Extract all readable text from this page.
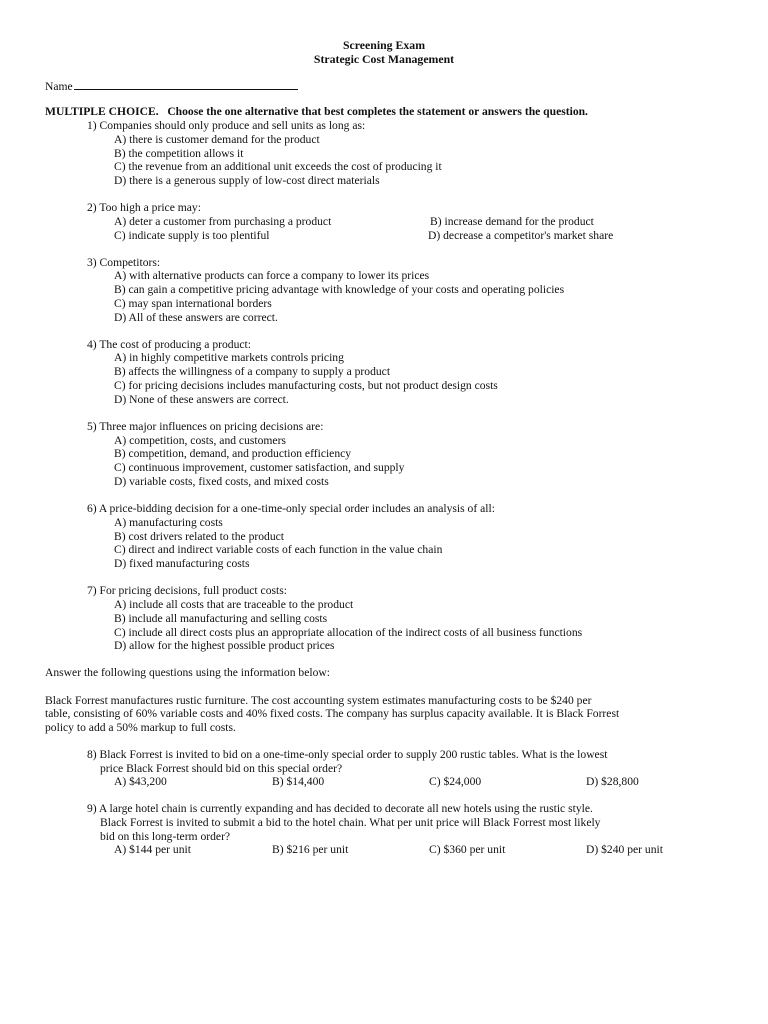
Screening Exam
Strategic Cost Management
Name
MULTIPLE CHOICE. Choose the one alternative that best completes the statement or answers the question.
1) Companies should only produce and sell units as long as:
A) there is customer demand for the product
B) the competition allows it
C) the revenue from an additional unit exceeds the cost of producing it
D) there is a generous supply of low-cost direct materials
2) Too high a price may:
A) deter a customer from purchasing a product	B) increase demand for the product
C) indicate supply is too plentiful	D) decrease a competitor's market share
3) Competitors:
A) with alternative products can force a company to lower its prices
B) can gain a competitive pricing advantage with knowledge of your costs and operating policies
C) may span international borders
D) All of these answers are correct.
4) The cost of producing a product:
A) in highly competitive markets controls pricing
B) affects the willingness of a company to supply a product
C) for pricing decisions includes manufacturing costs, but not product design costs
D) None of these answers are correct.
5) Three major influences on pricing decisions are:
A) competition, costs, and customers
B) competition, demand, and production efficiency
C) continuous improvement, customer satisfaction, and supply
D) variable costs, fixed costs, and mixed costs
6) A price-bidding decision for a one-time-only special order includes an analysis of all:
A) manufacturing costs
B) cost drivers related to the product
C) direct and indirect variable costs of each function in the value chain
D) fixed manufacturing costs
7) For pricing decisions, full product costs:
A) include all costs that are traceable to the product
B) include all manufacturing and selling costs
C) include all direct costs plus an appropriate allocation of the indirect costs of all business functions
D) allow for the highest possible product prices
Answer the following questions using the information below:
Black Forrest manufactures rustic furniture. The cost accounting system estimates manufacturing costs to be $240 per
table, consisting of 60% variable costs and 40% fixed costs. The company has surplus capacity available. It is Black Forrest
policy to add a 50% markup to full costs.
8) Black Forrest is invited to bid on a one-time-only special order to supply 200 rustic tables. What is the lowest
price Black Forrest should bid on this special order?
A) $43,200	B) $14,400	C) $24,000	D) $28,800
9) A large hotel chain is currently expanding and has decided to decorate all new hotels using the rustic style.
Black Forrest is invited to submit a bid to the hotel chain. What per unit price will Black Forrest most likely
bid on this long-term order?
A) $144 per unit	B) $216 per unit	C) $360 per unit	D) $240 per unit
